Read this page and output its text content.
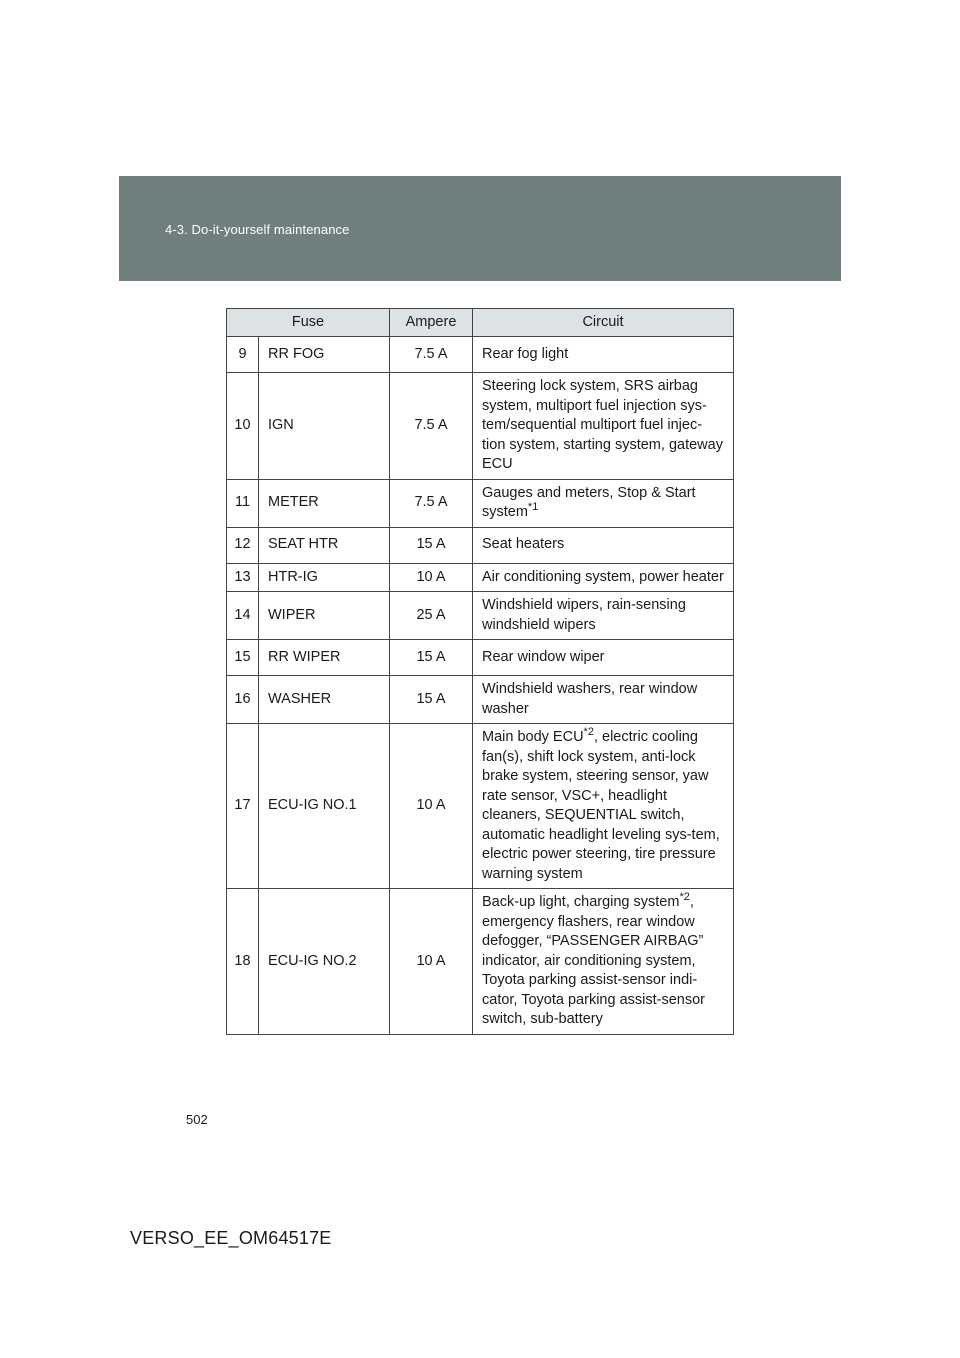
4-3. Do-it-yourself maintenance
Fuse		Ampere	Circuit
9	RR FOG	7.5 A	Rear fog light
10	IGN	7.5 A	Steering lock system, SRS airbag system, multiport fuel injection sys-tem/sequential multiport fuel injec-tion system, starting system, gateway ECU
11	METER	7.5 A	Gauges and meters, Stop & Start system$^{*1}$
12	SEAT HTR	15 A	Seat heaters
13	HTR-IG	10 A	Air conditioning system, power heater
14	WIPER	25 A	Windshield wipers, rain-sensing windshield wipers
15	RR WIPER	15 A	Rear window wiper
16	WASHER	15 A	Windshield washers, rear window washer
17	ECU-IG NO.1	10 A	Main body ECU$^{*2}$, electric cooling fan(s), shift lock system, anti-lock brake system, steering sensor, yaw rate sensor, VSC+, headlight cleaners, SEQUENTIAL switch, automatic headlight leveling sys-tem, electric power steering, tire pressure warning system
18	ECU-IG NO.2	10 A	Back-up light, charging system$^{*2}$, emergency flashers, rear window defogger, “PASSENGER AIRBAG” indicator, air conditioning system, Toyota parking assist-sensor indi-cator, Toyota parking assist-sensor switch, sub-battery
502
VERSO_EE_OM64517E
